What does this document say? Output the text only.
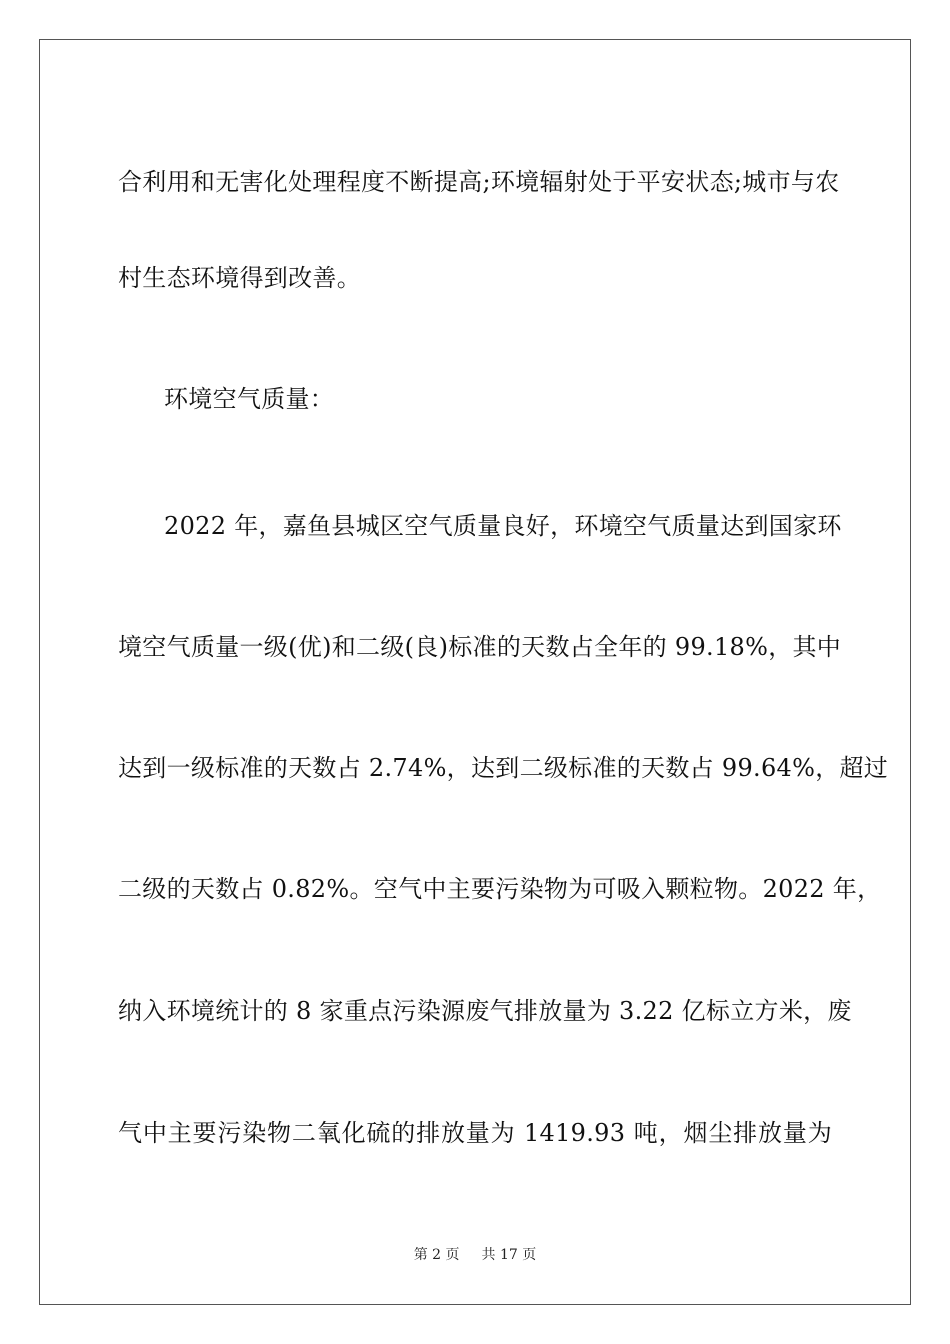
合利用和无害化处理程度不断提高;环境辐射处于平安状态;城市与农
村生态环境得到改善。
环境空气质量：
2022 年，嘉鱼县城区空气质量良好，环境空气质量达到国家环
境空气质量一级(优)和二级(良)标准的天数占全年的 99.18%，其中
达到一级标准的天数占 2.74%，达到二级标准的天数占 99.64%，超过
二级的天数占 0.82%。空气中主要污染物为可吸入颗粒物。2022 年，
纳入环境统计的 8 家重点污染源废气排放量为 3.22 亿标立方米，废
气中主要污染物二氧化硫的排放量为 1419.93 吨，烟尘排放量为
第 2 页 共 17 页
